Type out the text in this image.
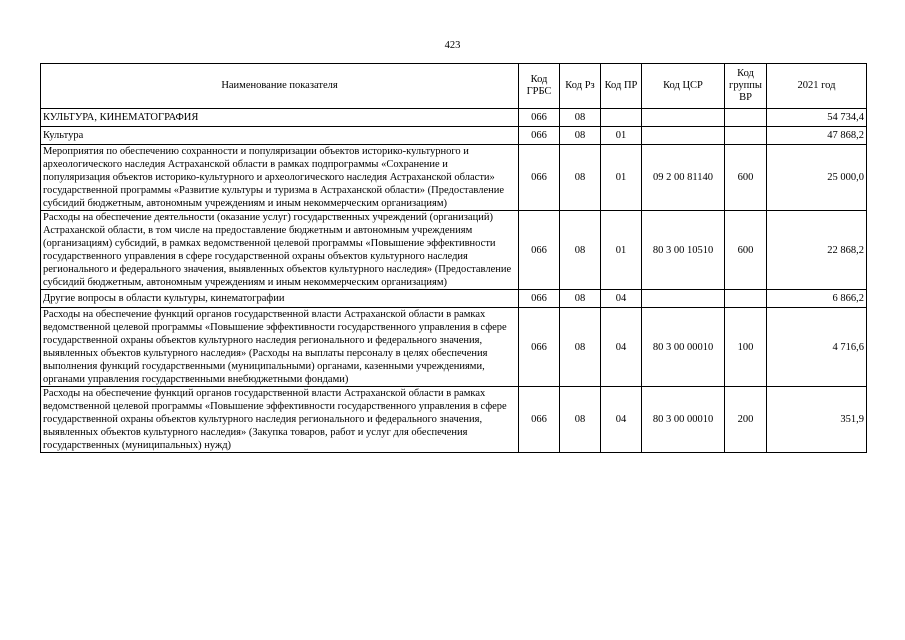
423
Наименование показателя	Код ГРБС	Код Рз	Код ПР	Код ЦСР	Код группы ВР	2021 год
КУЛЬТУРА, КИНЕМАТОГРАФИЯ	066	08				54 734,4
Культура	066	08	01			47 868,2
Мероприятия по обеспечению сохранности и популяризации объектов историко-культурного и археологического наследия Астраханской области в рамках подпрограммы «Сохранение и популяризация объектов историко-культурного и археологического наследия Астраханской области» государственной программы «Развитие культуры и туризма в Астраханской области» (Предоставление субсидий бюджетным, автономным учреждениям и иным некоммерческим организациям)	066	08	01	09 2 00 81140	600	25 000,0
Расходы на обеспечение деятельности (оказание услуг) государственных учреждений (организаций) Астраханской области, в том числе на предоставление бюджетным и автономным учреждениям (организациям) субсидий, в рамках ведомственной целевой программы «Повышение эффективности государственного управления в сфере государственной охраны объектов культурного наследия регионального и федерального значения, выявленных объектов культурного наследия» (Предоставление субсидий бюджетным, автономным учреждениям и иным некоммерческим организациям)	066	08	01	80 3 00 10510	600	22 868,2
Другие вопросы в области культуры, кинематографии	066	08	04			6 866,2
Расходы на обеспечение функций органов государственной власти Астраханской области в рамках ведомственной целевой программы «Повышение эффективности государственного управления в сфере государственной охраны объектов культурного наследия регионального и федерального значения, выявленных объектов культурного наследия» (Расходы на выплаты персоналу в целях обеспечения выполнения функций государственными (муниципальными) органами, казенными учреждениями, органами управления государственными внебюджетными фондами)	066	08	04	80 3 00 00010	100	4 716,6
Расходы на обеспечение функций органов государственной власти Астраханской области в рамках ведомственной целевой программы «Повышение эффективности государственного управления в сфере государственной охраны объектов культурного наследия регионального и федерального значения, выявленных объектов культурного наследия» (Закупка товаров, работ и услуг для обеспечения государственных (муниципальных) нужд)	066	08	04	80 3 00 00010	200	351,9
